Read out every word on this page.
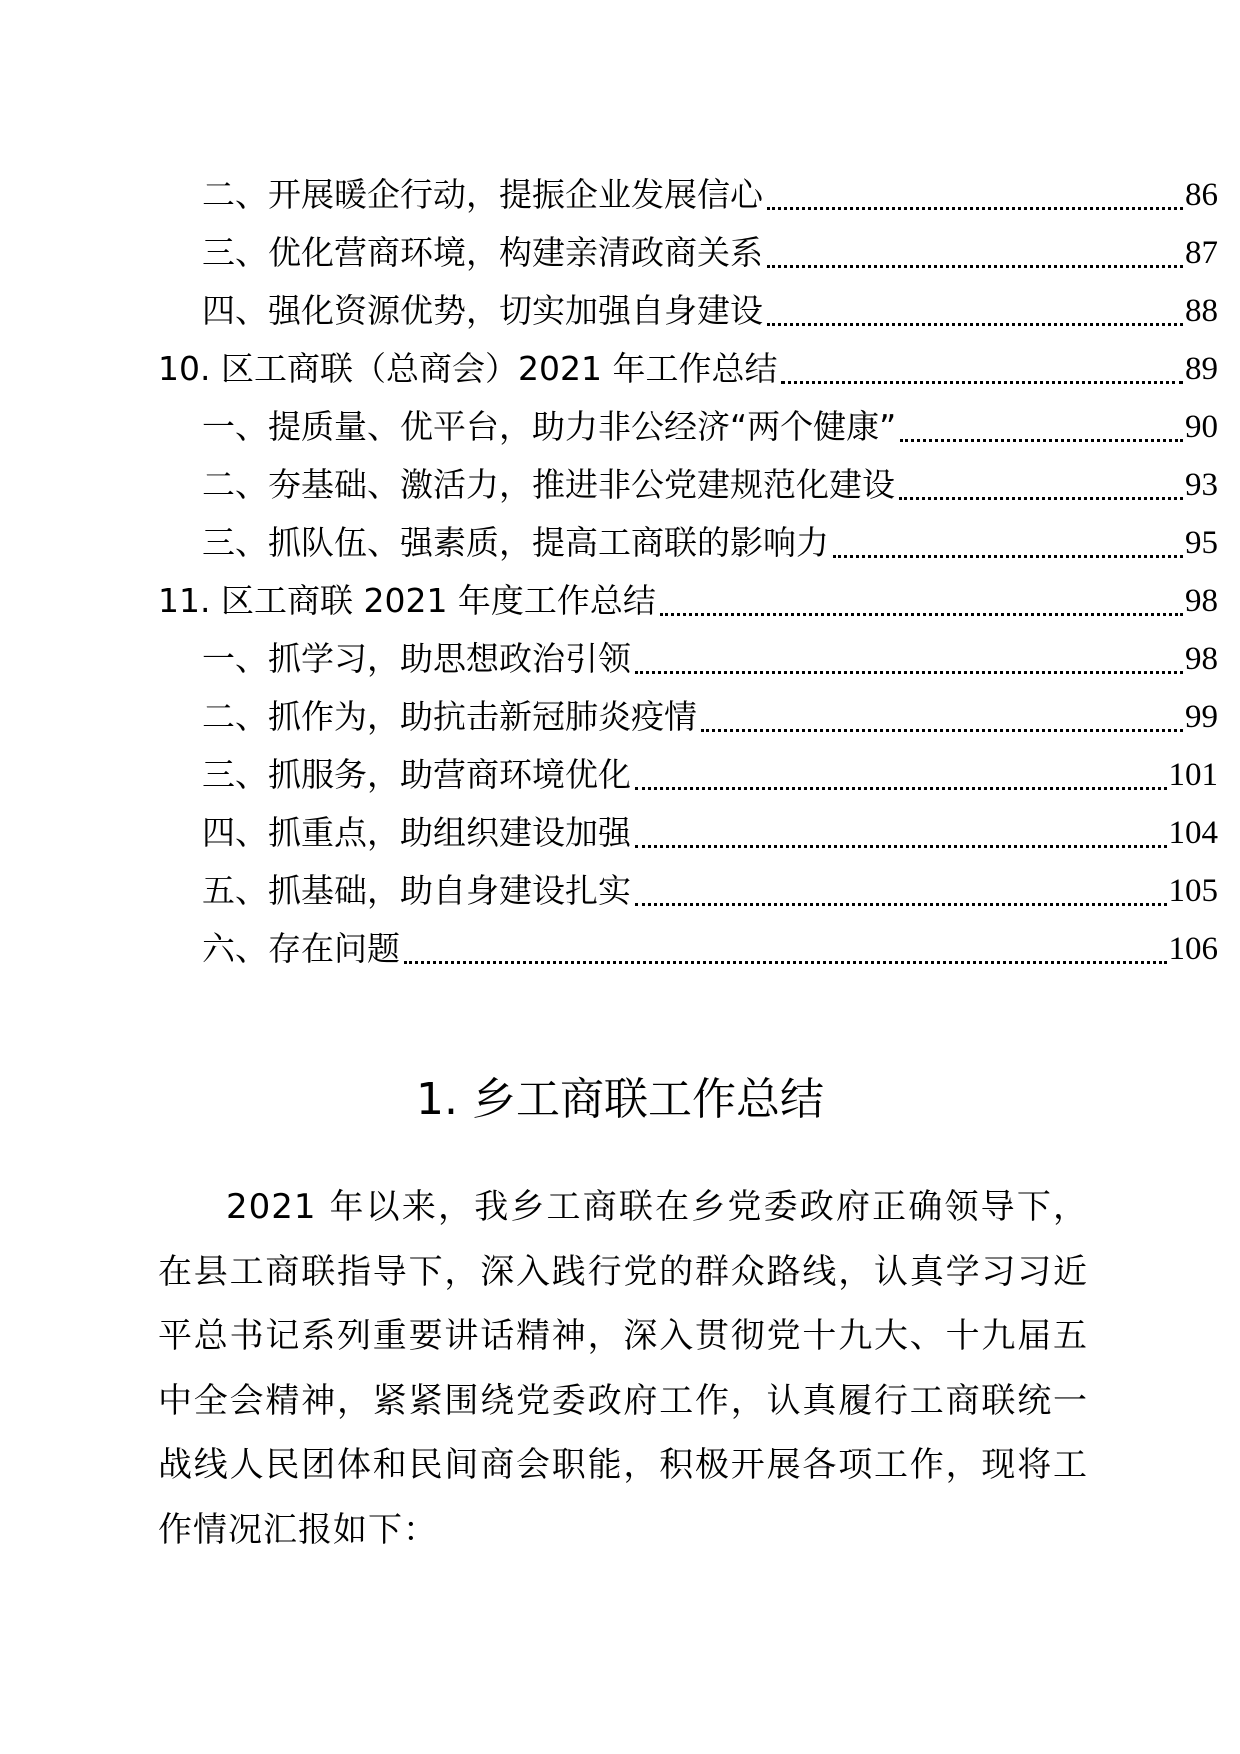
二、开展暖企行动，提振企业发展信心	86
三、优化营商环境，构建亲清政商关系	87
四、强化资源优势，切实加强自身建设	88
10. 区工商联（总商会）2021 年工作总结	89
一、提质量、优平台，助力非公经济“两个健康”	90
二、夯基础、激活力，推进非公党建规范化建设	93
三、抓队伍、强素质，提高工商联的影响力	95
11. 区工商联 2021 年度工作总结	98
一、抓学习，助思想政治引领	98
二、抓作为，助抗击新冠肺炎疫情	99
三、抓服务，助营商环境优化	101
四、抓重点，助组织建设加强	104
五、抓基础，助自身建设扎实	105
六、存在问题	106
1. 乡工商联工作总结

2021 年以来，我乡工商联在乡党委政府正确领导下，在县工商联指导下，深入践行党的群众路线，认真学习习近平总书记系列重要讲话精神，深入贯彻党十九大、十九届五中全会精神，紧紧围绕党委政府工作，认真履行工商联统一战线人民团体和民间商会职能，积极开展各项工作，现将工作情况汇报如下：
